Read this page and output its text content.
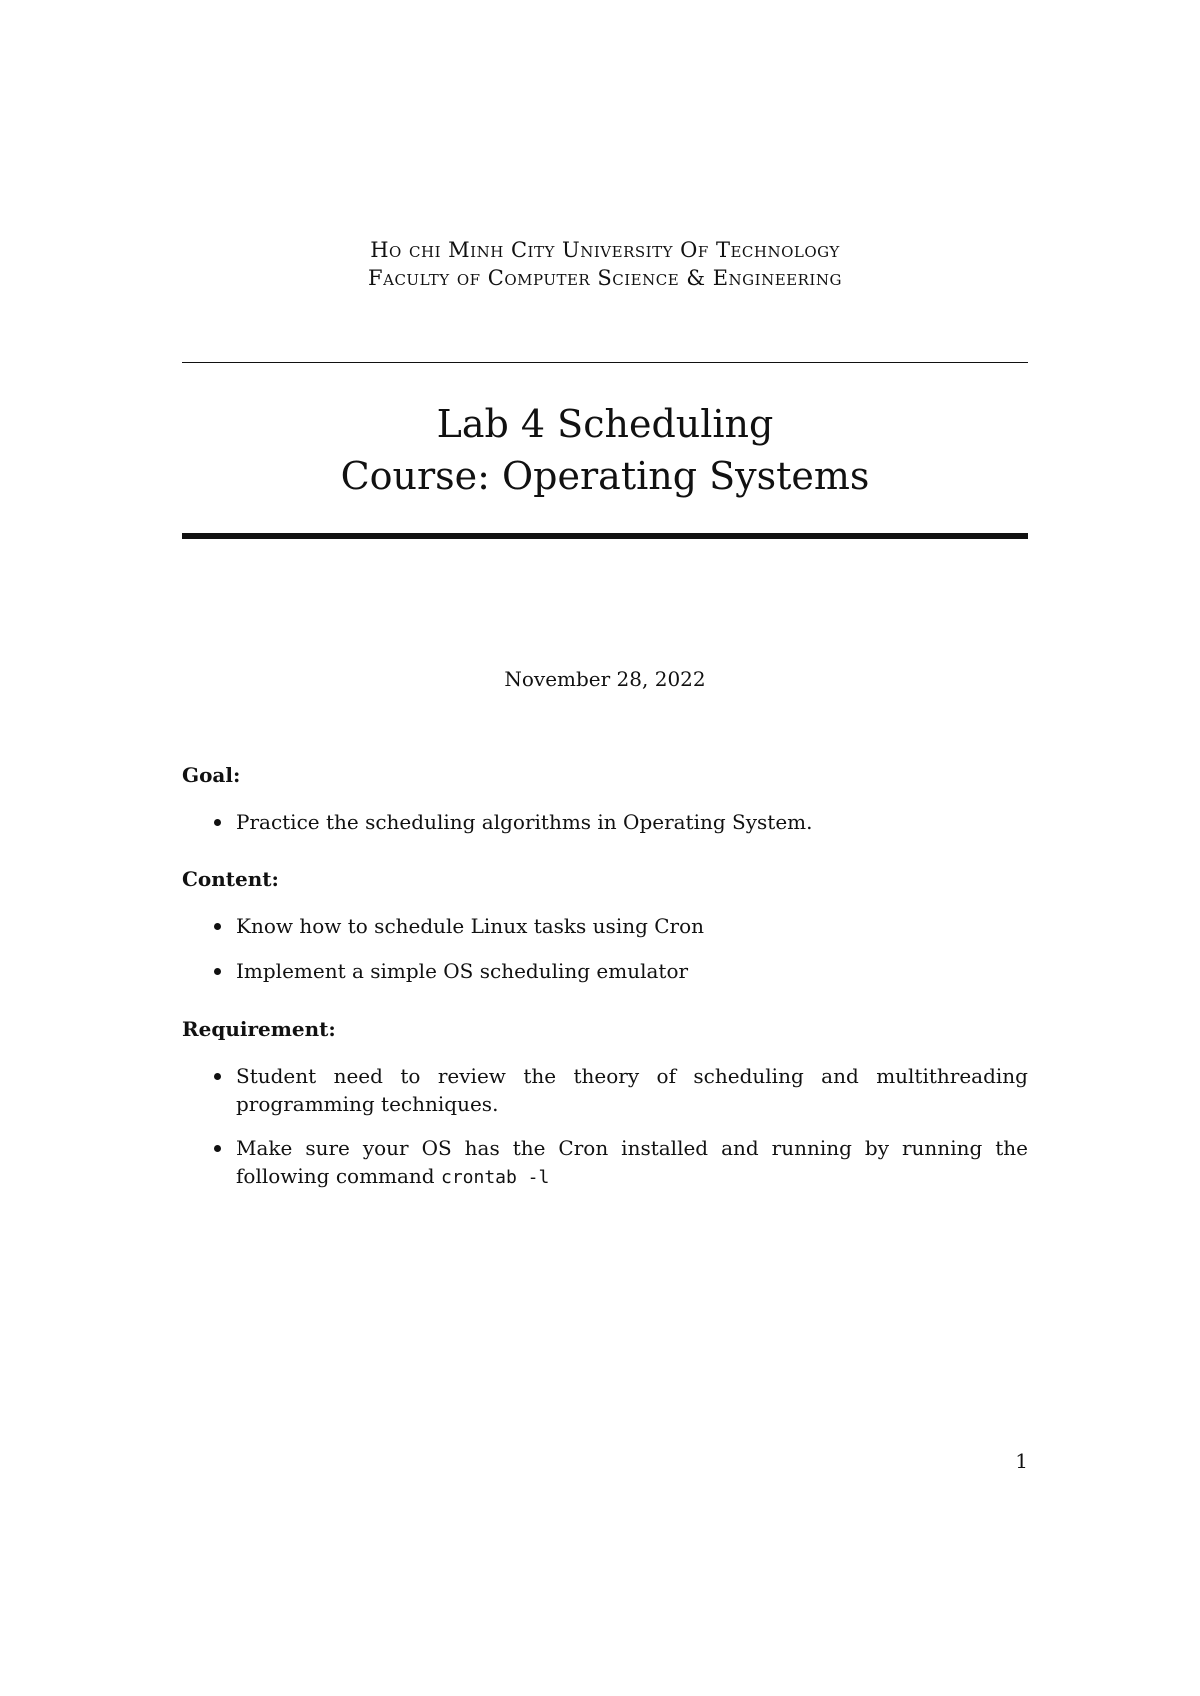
Ho chi Minh City University Of Technology
Faculty of Computer Science & Engineering
Lab 4 Scheduling
Course: Operating Systems
November 28, 2022
Goal:
Practice the scheduling algorithms in Operating System.
Content:
Know how to schedule Linux tasks using Cron
Implement a simple OS scheduling emulator
Requirement:
Student need to review the theory of scheduling and multithreading programming techniques.
Make sure your OS has the Cron installed and running by running the following command crontab -l
1
